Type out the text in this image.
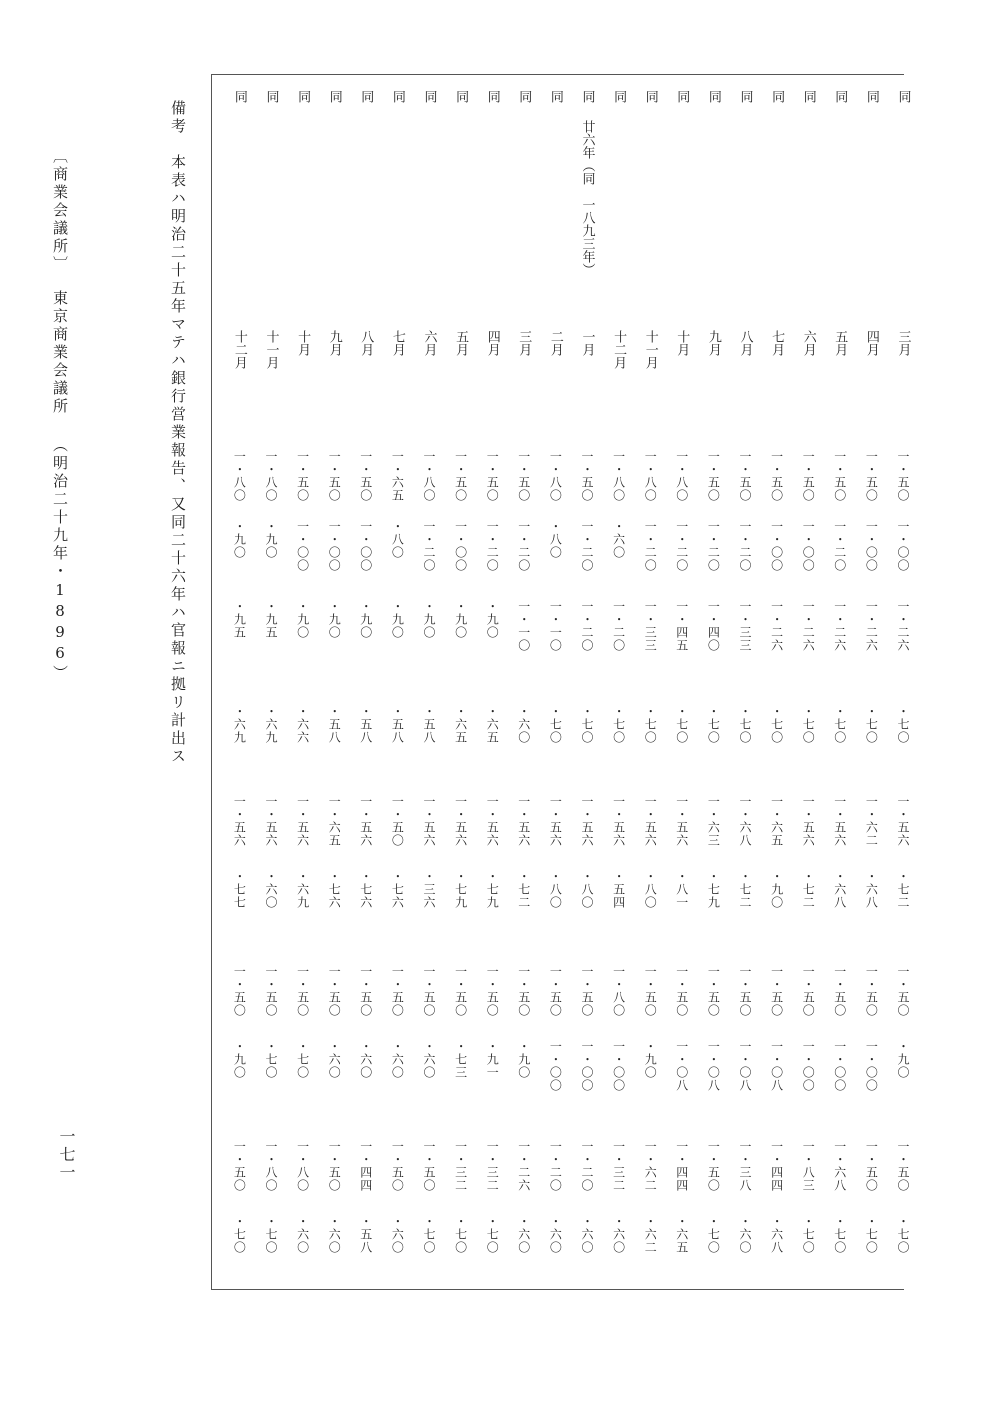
同
三月
一・五〇
一・〇〇
一・二六
・七〇
一・五六
・七二
一・五〇
・九〇
一・五〇
・七〇
同
四月
一・五〇
一・〇〇
一・二六
・七〇
一・六二
・六八
一・五〇
一・〇〇
一・五〇
・七〇
同
五月
一・五〇
一・二〇
一・二六
・七〇
一・五六
・六八
一・五〇
一・〇〇
一・六八
・七〇
同
六月
一・五〇
一・〇〇
一・二六
・七〇
一・五六
・七二
一・五〇
一・〇〇
一・八三
・七〇
同
七月
一・五〇
一・〇〇
一・二六
・七〇
一・六五
・九〇
一・五〇
一・〇八
一・四四
・六八
同
八月
一・五〇
一・二〇
一・三三
・七〇
一・六八
・七二
一・五〇
一・〇八
一・三八
・六〇
同
九月
一・五〇
一・二〇
一・四〇
・七〇
一・六三
・七九
一・五〇
一・〇八
一・五〇
・七〇
同
十月
一・八〇
一・二〇
一・四五
・七〇
一・五六
・八一
一・五〇
一・〇八
一・四四
・六五
同
十一月
一・八〇
一・二〇
一・三三
・七〇
一・五六
・八〇
一・五〇
・九〇
一・六二
・六二
同
十二月
一・八〇
・六〇
一・二〇
・七〇
一・五六
・五四
一・八〇
一・〇〇
一・三二
・六〇
同
廿六年（同　一八九三年）
一月
一・五〇
一・二〇
一・二〇
・七〇
一・五六
・八〇
一・五〇
一・〇〇
一・二〇
・六〇
同
二月
一・八〇
・八〇
一・一〇
・七〇
一・五六
・八〇
一・五〇
一・〇〇
一・二〇
・六〇
同
三月
一・五〇
一・二〇
一・一〇
・六〇
一・五六
・七二
一・五〇
・九〇
一・二六
・六〇
同
四月
一・五〇
一・二〇
・九〇
・六五
一・五六
・七九
一・五〇
・九一
一・三二
・七〇
同
五月
一・五〇
一・〇〇
・九〇
・六五
一・五六
・七九
一・五〇
・七三
一・三二
・七〇
同
六月
一・八〇
一・二〇
・九〇
・五八
一・五六
・三六
一・五〇
・六〇
一・五〇
・七〇
同
七月
一・六五
・八〇
・九〇
・五八
一・五〇
・七六
一・五〇
・六〇
一・五〇
・六〇
同
八月
一・五〇
一・〇〇
・九〇
・五八
一・五六
・七六
一・五〇
・六〇
一・四四
・五八
同
九月
一・五〇
一・〇〇
・九〇
・五八
一・六五
・七六
一・五〇
・六〇
一・五〇
・六〇
同
十月
一・五〇
一・〇〇
・九〇
・六六
一・五六
・六九
一・五〇
・七〇
一・八〇
・六〇
同
十一月
一・八〇
・九〇
・九五
・六九
一・五六
・六〇
一・五〇
・七〇
一・八〇
・七〇
同
十二月
一・八〇
・九〇
・九五
・六九
一・五六
・七七
一・五〇
・九〇
一・五〇
・七〇
備考　本表ハ明治二十五年マテハ銀行営業報告、又同二十六年ハ官報ニ拠リ計出ス
〔商業会議所〕
東京商業会議所 （明治二十九年・1896）
一七一
